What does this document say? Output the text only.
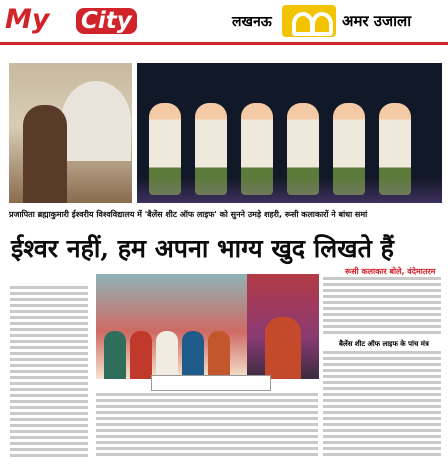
My City	लखनऊ	अमर उजाला
प्रजापिता ब्रह्माकुमारी ईश्वरीय विश्वविद्यालय में 'बैलेंस शीट ऑफ लाइफ' को सुनने उमड़े शहरी, रूसी कलाकारों ने बांधा समां
ईश्वर नहीं, हम अपना भाग्य खुद लिखते हैं
रूसी कलाकार बोले, वंदेमातरम
बैलेंस शीट ऑफ लाइफ के पांच मंत्र
